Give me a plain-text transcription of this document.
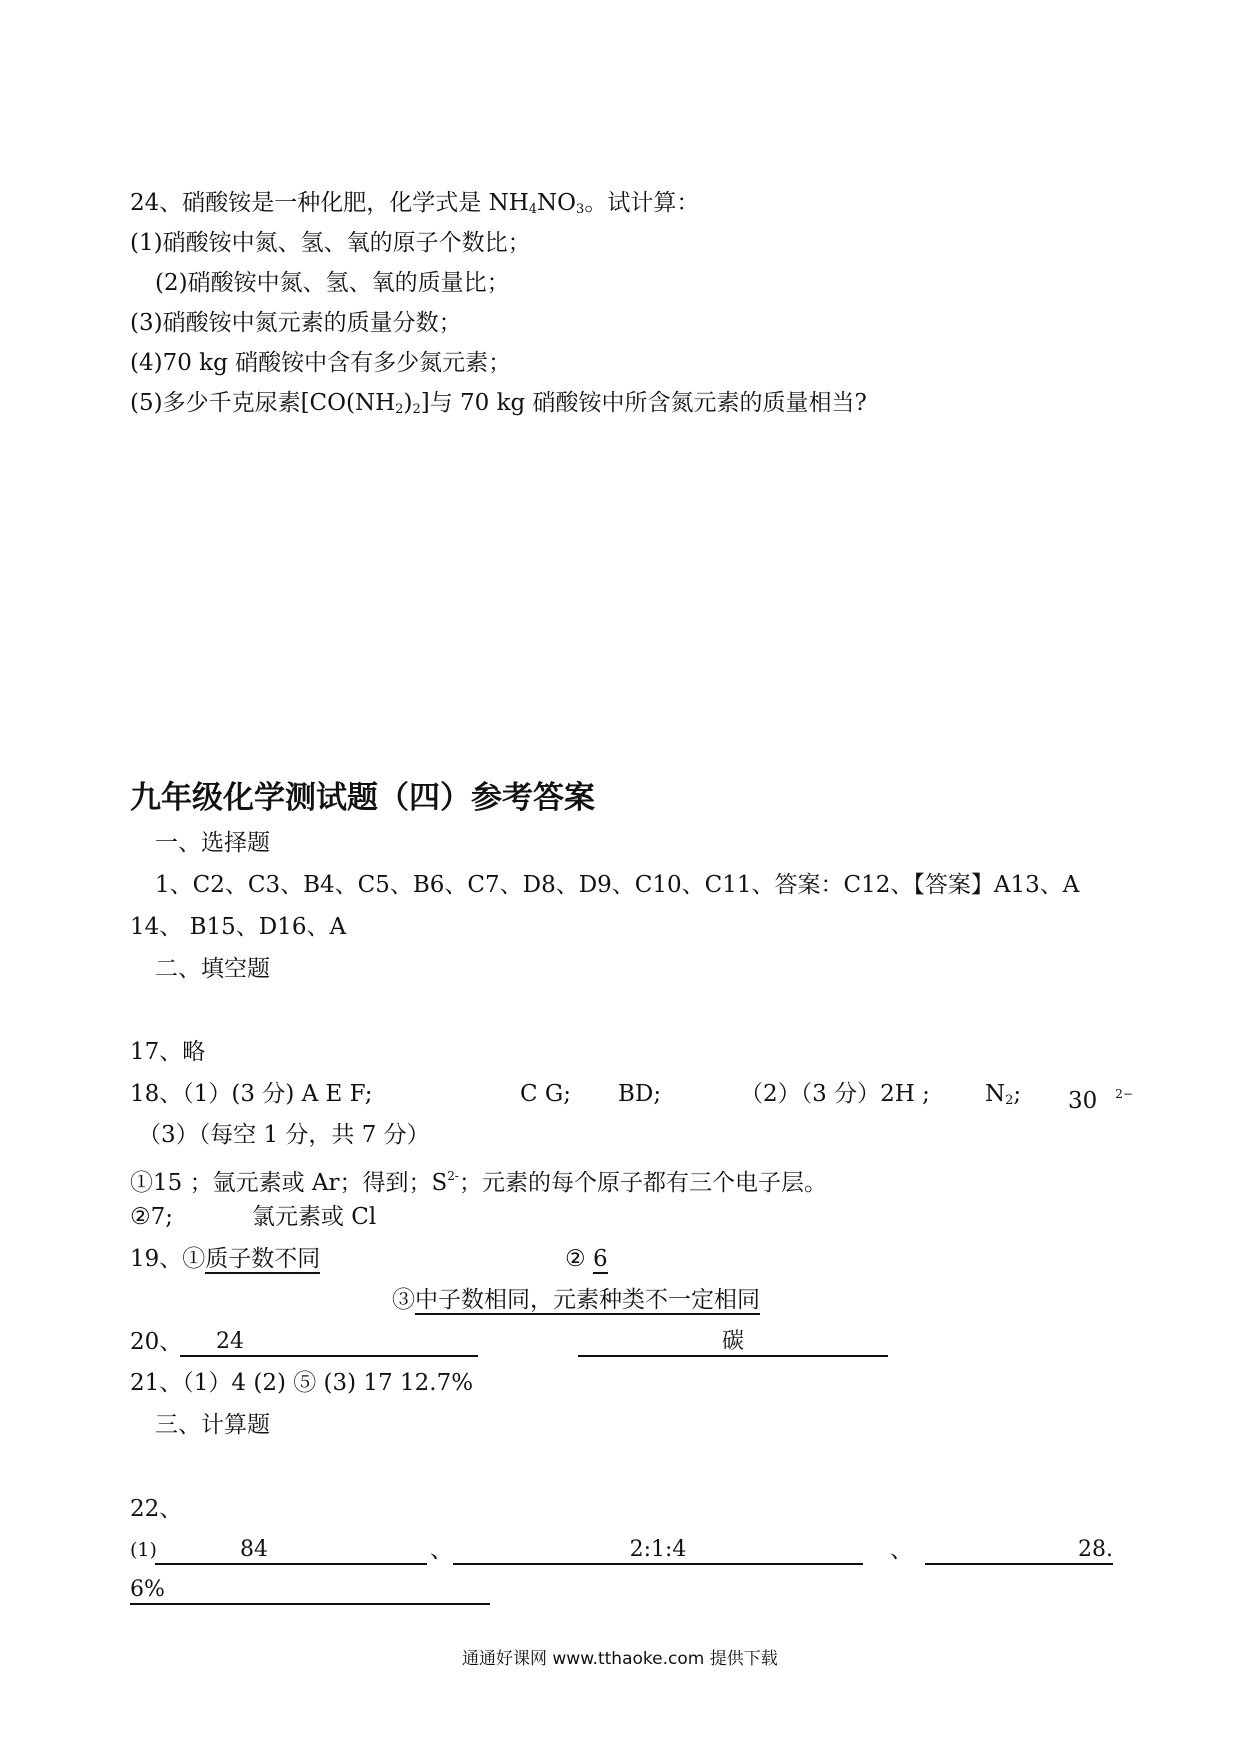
24、硝酸铵是一种化肥，化学式是 $NH_4NO_3$。试计算：
(1)硝酸铵中氮、氢、氧的原子个数比；
(2)硝酸铵中氮、氢、氧的质量比；
(3)硝酸铵中氮元素的质量分数；
(4)70 kg 硝酸铵中含有多少氮元素；
(5)多少千克尿素$[CO(NH_2)_2]$与 70 kg 硝酸铵中所含氮元素的质量相当?
九年级化学测试题（四）参考答案
一、选择题
1、C2、C3、B4、C5、B6、C7、D8、D9、C10、C11、答案：C12、【答案】A13、A
14、 B15、D16、A
二、填空题
17、略
18、（1）(3 分) A E F;	C G; BD;	（2）（3 分）2H ; $N_2$; 30 $^{2-}$
（3）（每空 1 分，共 7 分）
①15 ；氩元素或 Ar；得到；$S^{2-}$；元素的每个原子都有三个电子层。
②7;	氯元素或 Cl
19、①质子数不同	② 6
③中子数相同，元素种类不一定相同
20、	24	碳
21、（1）4 (2) ⑤ (3) 17 12.7%
三、计算题
22、
(1)	84	、	2:1:4	、	28.
6%
通通好课网 www.tthaoke.com 提供下载
